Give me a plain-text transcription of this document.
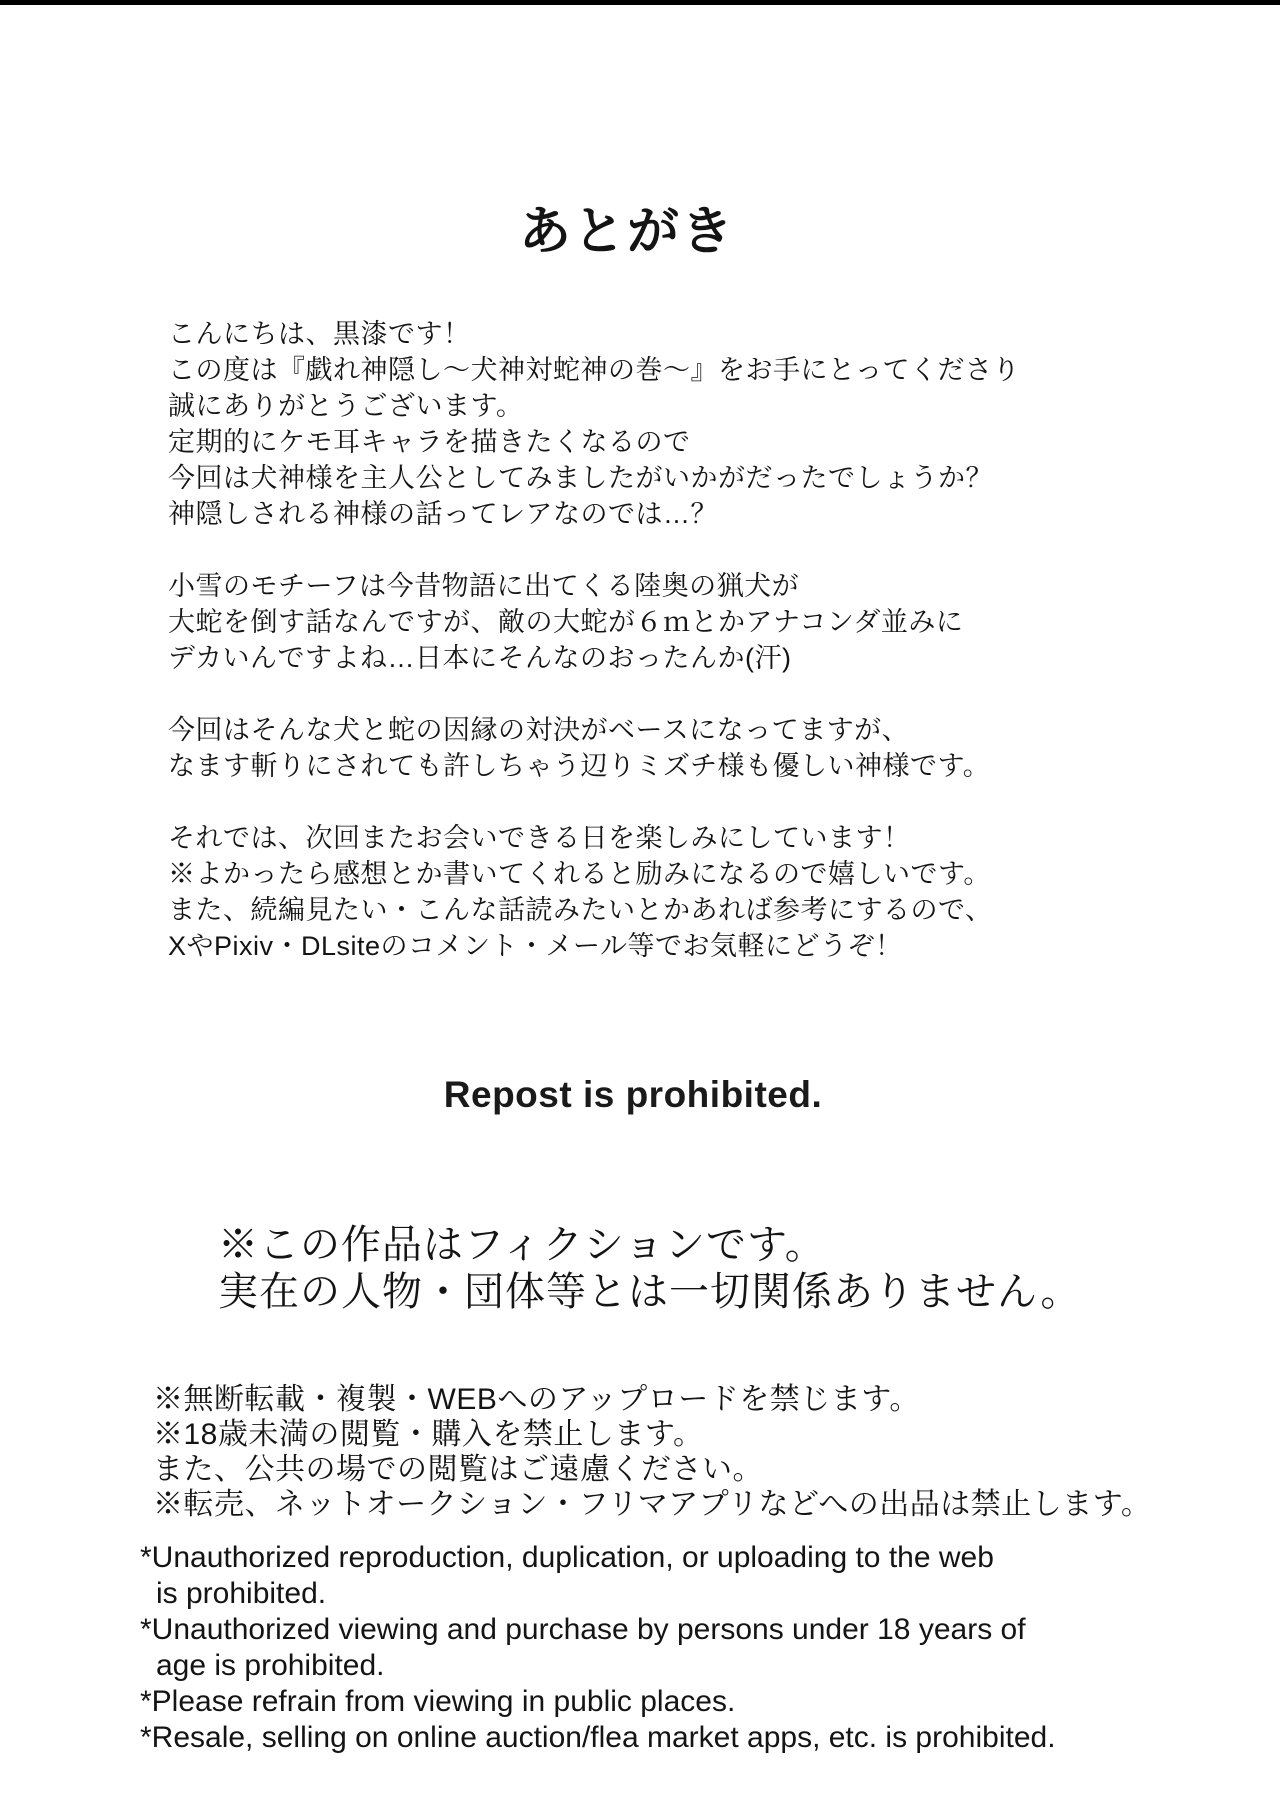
あとがき
こんにちは、黒漆です！
この度は『戯れ神隠し〜犬神対蛇神の巻〜』をお手にとってくださり
誠にありがとうございます。
定期的にケモ耳キャラを描きたくなるので
今回は犬神様を主人公としてみましたがいかがだったでしょうか？
神隠しされる神様の話ってレアなのでは…？
小雪のモチーフは今昔物語に出てくる陸奥の猟犬が
大蛇を倒す話なんですが、敵の大蛇が６ｍとかアナコンダ並みに
デカいんですよね…日本にそんなのおったんか(汗)
今回はそんな犬と蛇の因縁の対決がベースになってますが、
なます斬りにされても許しちゃう辺りミズチ様も優しい神様です。
それでは、次回またお会いできる日を楽しみにしています！
※よかったら感想とか書いてくれると励みになるので嬉しいです。
また、続編見たい・こんな話読みたいとかあれば参考にするので、
XやPixiv・DLsiteのコメント・メール等でお気軽にどうぞ！
Repost is prohibited.
※この作品はフィクションです。
実在の人物・団体等とは一切関係ありません。
※無断転載・複製・WEBへのアップロードを禁じます。
※18歳未満の閲覧・購入を禁止します。
また、公共の場での閲覧はご遠慮ください。
※転売、ネットオークション・フリマアプリなどへの出品は禁止します。
*Unauthorized reproduction, duplication, or uploading to the web
is prohibited.
*Unauthorized viewing and purchase by persons under 18 years of
age is prohibited.
*Please refrain from viewing in public places.
*Resale, selling on online auction/flea market apps, etc. is prohibited.
